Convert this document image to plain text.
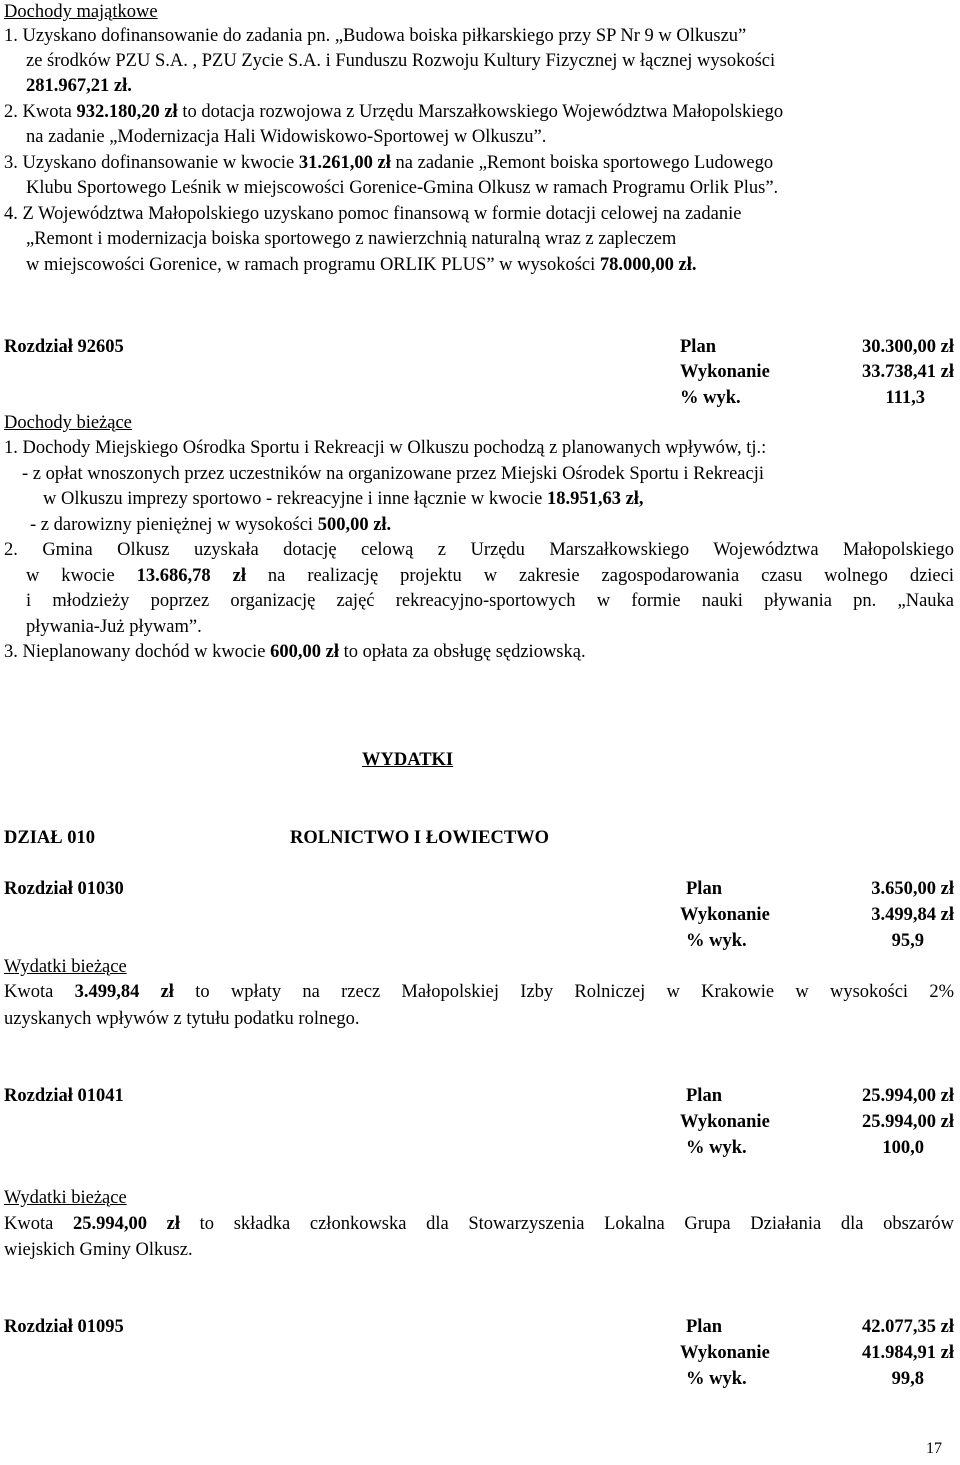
Dochody majątkowe
1. Uzyskano dofinansowanie do zadania pn. „Budowa boiska piłkarskiego przy SP Nr 9 w Olkuszu”
ze środków PZU S.A. , PZU Zycie S.A. i Funduszu Rozwoju Kultury Fizycznej w łącznej wysokości
281.967,21 zł.
2. Kwota 932.180,20 zł to dotacja rozwojowa z Urzędu Marszałkowskiego Województwa Małopolskiego
na zadanie „Modernizacja Hali Widowiskowo-Sportowej w Olkuszu”.
3. Uzyskano dofinansowanie w kwocie 31.261,00 zł na zadanie „Remont boiska sportowego Ludowego
Klubu Sportowego Leśnik w miejscowości Gorenice-Gmina Olkusz w ramach Programu Orlik Plus”.
4. Z Województwa Małopolskiego uzyskano pomoc finansową w formie dotacji celowej na zadanie
„Remont i modernizacja boiska sportowego z nawierzchnią naturalną wraz z zapleczem
w miejscowości Gorenice, w ramach programu ORLIK PLUS” w wysokości 78.000,00 zł.
Rozdział 92605	Plan	30.300,00 zł
Wykonanie	33.738,41 zł
% wyk.	111,3
Dochody bieżące
1. Dochody Miejskiego Ośrodka Sportu i Rekreacji w Olkuszu pochodzą z planowanych wpływów, tj.:
- z opłat wnoszonych przez uczestników na organizowane przez Miejski Ośrodek Sportu i Rekreacji
w Olkuszu imprezy sportowo - rekreacyjne i inne łącznie w kwocie 18.951,63 zł,
- z darowizny pieniężnej w wysokości 500,00 zł.
2. Gmina Olkusz uzyskała dotację celową z Urzędu Marszałkowskiego Województwa Małopolskiego
w kwocie 13.686,78 zł na realizację projektu w zakresie zagospodarowania czasu wolnego dzieci
i młodzieży poprzez organizację zajęć rekreacyjno-sportowych w formie nauki pływania pn. „Nauka
pływania-Już pływam”.
3. Nieplanowany dochód w kwocie 600,00 zł to opłata za obsługę sędziowską.
WYDATKI
DZIAŁ 010	ROLNICTWO I ŁOWIECTWO
Rozdział 01030	Plan	3.650,00 zł
Wykonanie	3.499,84 zł
% wyk.	95,9
Wydatki bieżące
Kwota 3.499,84 zł to wpłaty na rzecz Małopolskiej Izby Rolniczej w Krakowie w wysokości 2%
uzyskanych wpływów z tytułu podatku rolnego.
Rozdział 01041	Plan	25.994,00 zł
Wykonanie	25.994,00 zł
% wyk.	100,0
Wydatki bieżące
Kwota 25.994,00 zł to składka członkowska dla Stowarzyszenia Lokalna Grupa Działania dla obszarów
wiejskich Gminy Olkusz.
Rozdział 01095	Plan	42.077,35 zł
Wykonanie	41.984,91 zł
% wyk.	99,8
17
